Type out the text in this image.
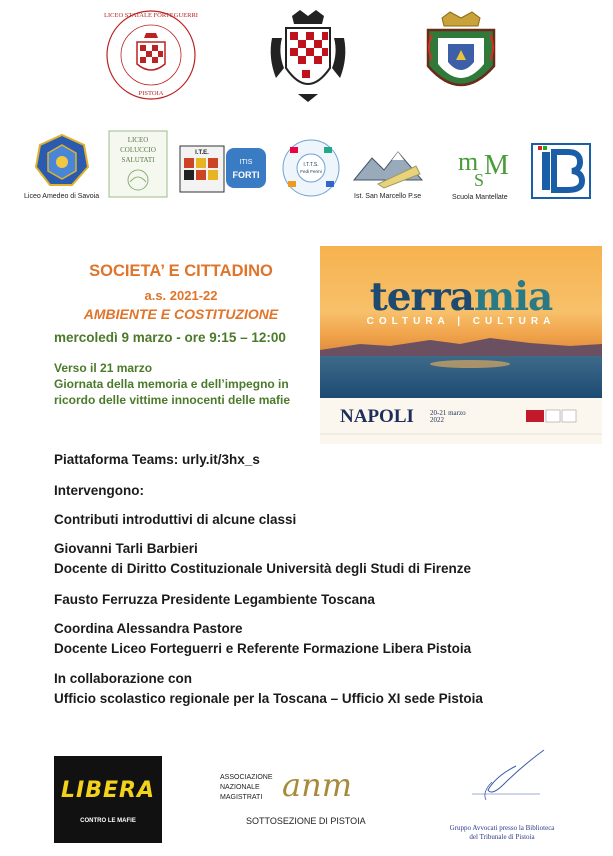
LICEO STATALE FORTEGUERRI
PISTOIA
Liceo Amedeo di Savoia
LICEO
COLUCCIO
SALUTATI
I.T.E.
ITIS
FORTI
I.T.T.S.
Fedi Fermi
Ist. San Marcello P.se
m
S M
Scuola Mantellate
SOCIETA’ E CITTADINO
a.s. 2021-22
AMBIENTE E COSTITUZIONE
mercoledì 9 marzo - ore 9:15 – 12:00
Verso il 21 marzo
Giornata della memoria e dell’impegno in
ricordo delle vittime innocenti delle mafie
terramia
COLTURA | CULTURA
NAPOLI 20-21 marzo 2022
Piattaforma Teams: urly.it/3hx_s
Intervengono:
Contributi introduttivi di alcune classi
Giovanni Tarli Barbieri
Docente di Diritto Costituzionale Università degli Studi di Firenze
Fausto Ferruzza Presidente Legambiente Toscana
Coordina Alessandra Pastore
Docente Liceo Forteguerri e Referente Formazione Libera Pistoia
In collaborazione con
Ufficio scolastico regionale per la Toscana – Ufficio XI sede Pistoia
LIBERA
CONTRO LE MAFIE
ASSOCIAZIONE
NAZIONALE
MAGISTRATI anm
SOTTOSEZIONE DI PISTOIA
Gruppo Avvocati presso la Biblioteca
del Tribunale di Pistoia
